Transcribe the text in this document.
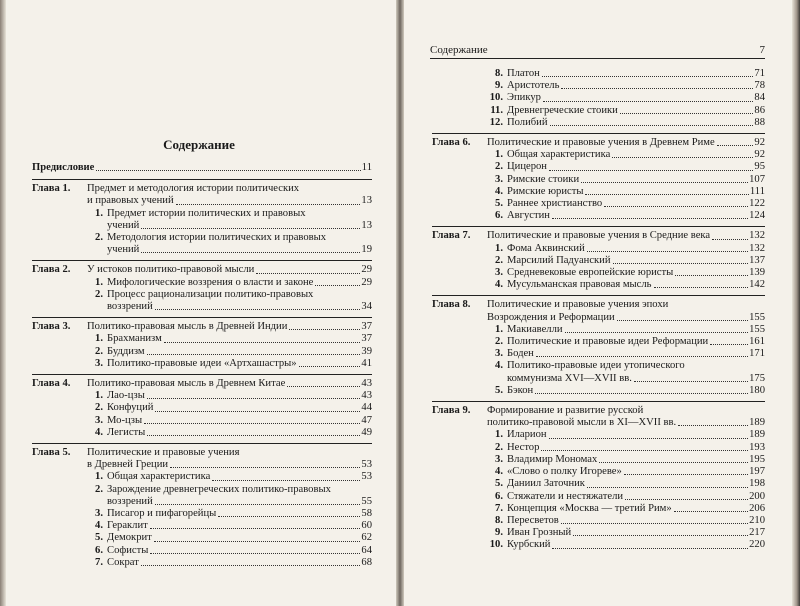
Содержание	7
Содержание
Предисловие	11
Глава 1.	Предмет и методология истории политических
и правовых учений	13
1. Предмет истории политических и правовых
учений	13
2. Методология истории политических и правовых
учений	19
Глава 2.	У истоков политико-правовой мысли	29
1. Мифологические воззрения о власти и законе	29
2. Процесс рационализации политико-правовых
воззрений	34
Глава 3.	Политико-правовая мысль в Древней Индии	37
1. Брахманизм	37
2. Буддизм	39
3. Политико-правовые идеи «Артхашастры»	41
Глава 4.	Политико-правовая мысль в Древнем Китае	43
1. Лао-цзы	43
2. Конфуций	44
3. Мо-цзы	47
4. Легисты	49
Глава 5.	Политические и правовые учения
в Древней Греции	53
1. Общая характеристика	53
2. Зарождение древнегреческих политико-правовых
воззрений	55
3. Писагор и пифагорейцы	58
4. Гераклит	60
5. Демокрит	62
6. Софисты	64
7. Сократ	68
8. Платон	71
9. Аристотель	78
10. Эпикур	84
11. Древнегреческие стоики	86
12. Полибий	88
Глава 6.	Политические и правовые учения в Древнем Риме	92
1. Общая характеристика	92
2. Цицерон	95
3. Римские стоики	107
4. Римские юристы	111
5. Раннее христианство	122
6. Августин	124
Глава 7.	Политические и правовые учения в Средние века	132
1. Фома Аквинский	132
2. Марсилий Падуанский	137
3. Средневековые европейские юристы	139
4. Мусульманская правовая мысль	142
Глава 8.	Политические и правовые учения эпохи
Возрождения и Реформации	155
1. Макиавелли	155
2. Политические и правовые идеи Реформации	161
3. Боден	171
4. Политико-правовые идеи утопического
коммунизма XVI—XVII вв.	175
5. Бэкон	180
Глава 9.	Формирование и развитие русской
политико-правовой мысли в XI—XVII вв.	189
1. Иларион	189
2. Нестор	193
3. Владимир Мономах	195
4. «Слово о полку Игореве»	197
5. Даниил Заточник	198
6. Стяжатели и нестяжатели	200
7. Концепция «Москва — третий Рим»	206
8. Пересветов	210
9. Иван Грозный	217
10. Курбский	220
